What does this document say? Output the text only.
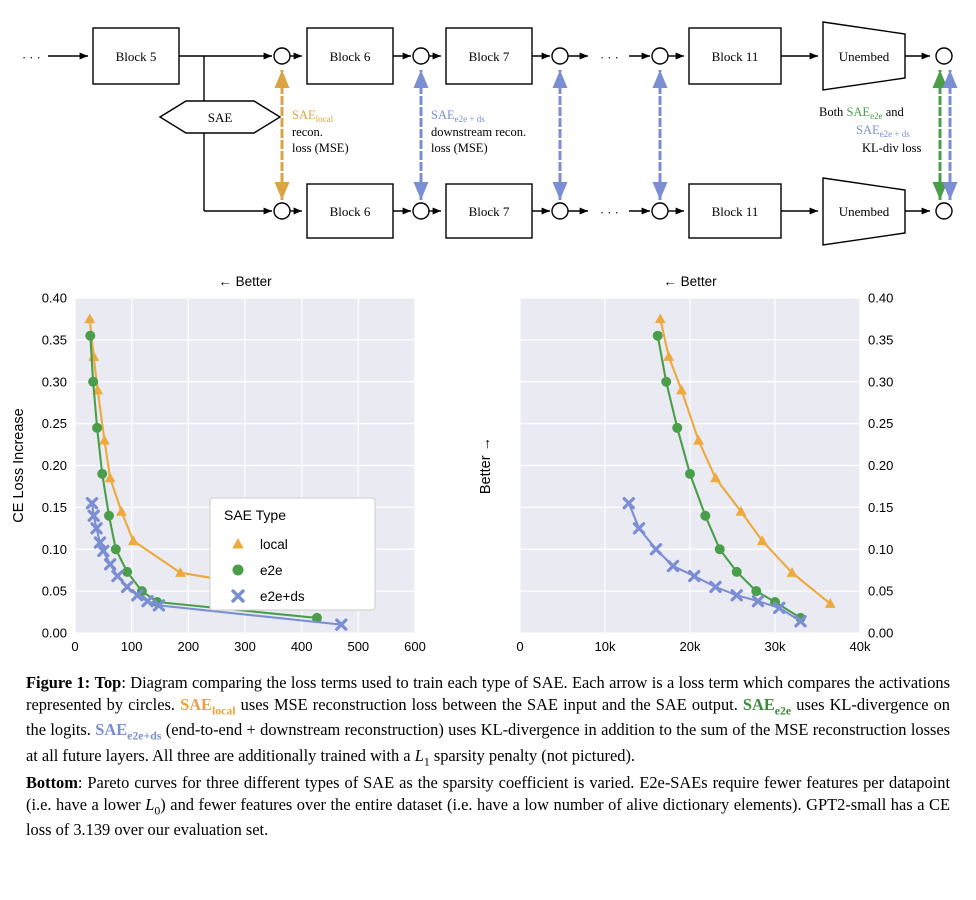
· · ·	Block 5	Block 6	Block 7	· · ·	Block 11	Unembed
SAE
Block 6	Block 7	· · ·	Block 11	Unembed
$SAE_{local}$
recon.
loss (MSE)
$SAE_{e2e + ds}$
downstream recon.
loss (MSE)
Both $SAE_{e2e}$ and
$SAE_{e2e + ds}$
KL-div loss
0	100	200	300	400	500	600
0.00
0.05
0.10
0.15
0.20
0.25
0.30
0.35
0.40
CE Loss Increase
← Better
SAE Type
local
e2e
e2e+ds
0	10k	20k	30k	40k
0.00
0.05
0.10
0.15
0.20
0.25
0.30
0.35
0.40
Better →
← Better

Figure 1: Top: Diagram comparing the loss terms used to train each type of SAE. Each arrow is a loss term which compares the activations represented by circles. $SAE_{local}$ uses MSE reconstruction loss between the SAE input and the SAE output. $SAE_{e2e}$ uses KL-divergence on the logits. $SAE_{e2e+ds}$ (end-to-end + downstream reconstruction) uses KL-divergence in addition to the sum of the MSE reconstruction losses at all future layers. All three are additionally trained with a $L_1$ sparsity penalty (not pictured).

Bottom: Pareto curves for three different types of SAE as the sparsity coefficient is varied. E2e-SAEs require fewer features per datapoint (i.e. have a lower $L_0$) and fewer features over the entire dataset (i.e. have a low number of alive dictionary elements). GPT2-small has a CE loss of 3.139 over our evaluation set.
